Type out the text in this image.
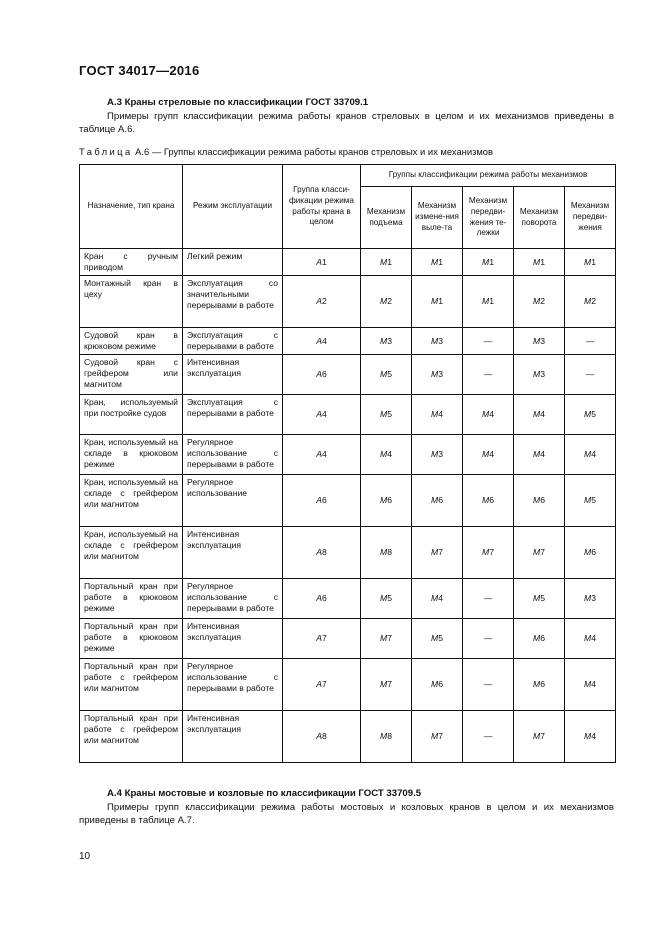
ГОСТ 34017—2016
А.3 Краны стреловые по классификации ГОСТ 33709.1
Примеры групп классификации режима работы кранов стреловых в целом и их механизмов приведены в таблице А.6.
Таблица А.6 — Группы классификации режима работы кранов стреловых и их механизмов
Назначение, тип крана	Режим эксплуатации	Группа класси-фикации режима работы крана в целом	Группы классификации режима работы механизмов				
			Механизм подъема	Механизм измене-ния выле-та	Механизм передви-жения те-лежки	Механизм поворота	Механизм передви-жения
Кран с ручным приводом	Легкий режим	A1	M1	M1	M1	M1	M1
Монтажный кран в цеху	Эксплуатация со значительными перерывами в работе	A2	M2	M1	M1	M2	M2
Судовой кран в крюковом режиме	Эксплуатация с перерывами в работе	A4	M3	M3	—	M3	—
Судовой кран с грейфером или магнитом	Интенсивная эксплуатация	A6	M5	M3	—	M3	—
Кран, используемый при постройке судов	Эксплуатация с перерывами в работе	A4	M5	M4	M4	M4	M5
Кран, используемый на складе в крюковом режиме	Регулярное использование с перерывами в работе	A4	M4	M3	M4	M4	M4
Кран, используемый на складе с грейфером или магнитом	Регулярное использование	A6	M6	M6	M6	M6	M5
Кран, используемый на складе с грейфером или магнитом	Интенсивная эксплуатация	A8	M8	M7	M7	M7	M6
Портальный кран при работе в крюковом режиме	Регулярное использование с перерывами в работе	A6	M5	M4	—	M5	M3
Портальный кран при работе в крюковом режиме	Интенсивная эксплуатация	A7	M7	M5	—	M6	M4
Портальный кран при работе с грейфером или магнитом	Регулярное использование с перерывами в работе	A7	M7	M6	—	M6	M4
Портальный кран при работе с грейфером или магнитом	Интенсивная эксплуатация	A8	M8	M7	—	M7	M4
А.4 Краны мостовые и козловые по классификации ГОСТ 33709.5
Примеры групп классификации режима работы мостовых и козловых кранов в целом и их механизмов приведены в таблице А.7.
10
